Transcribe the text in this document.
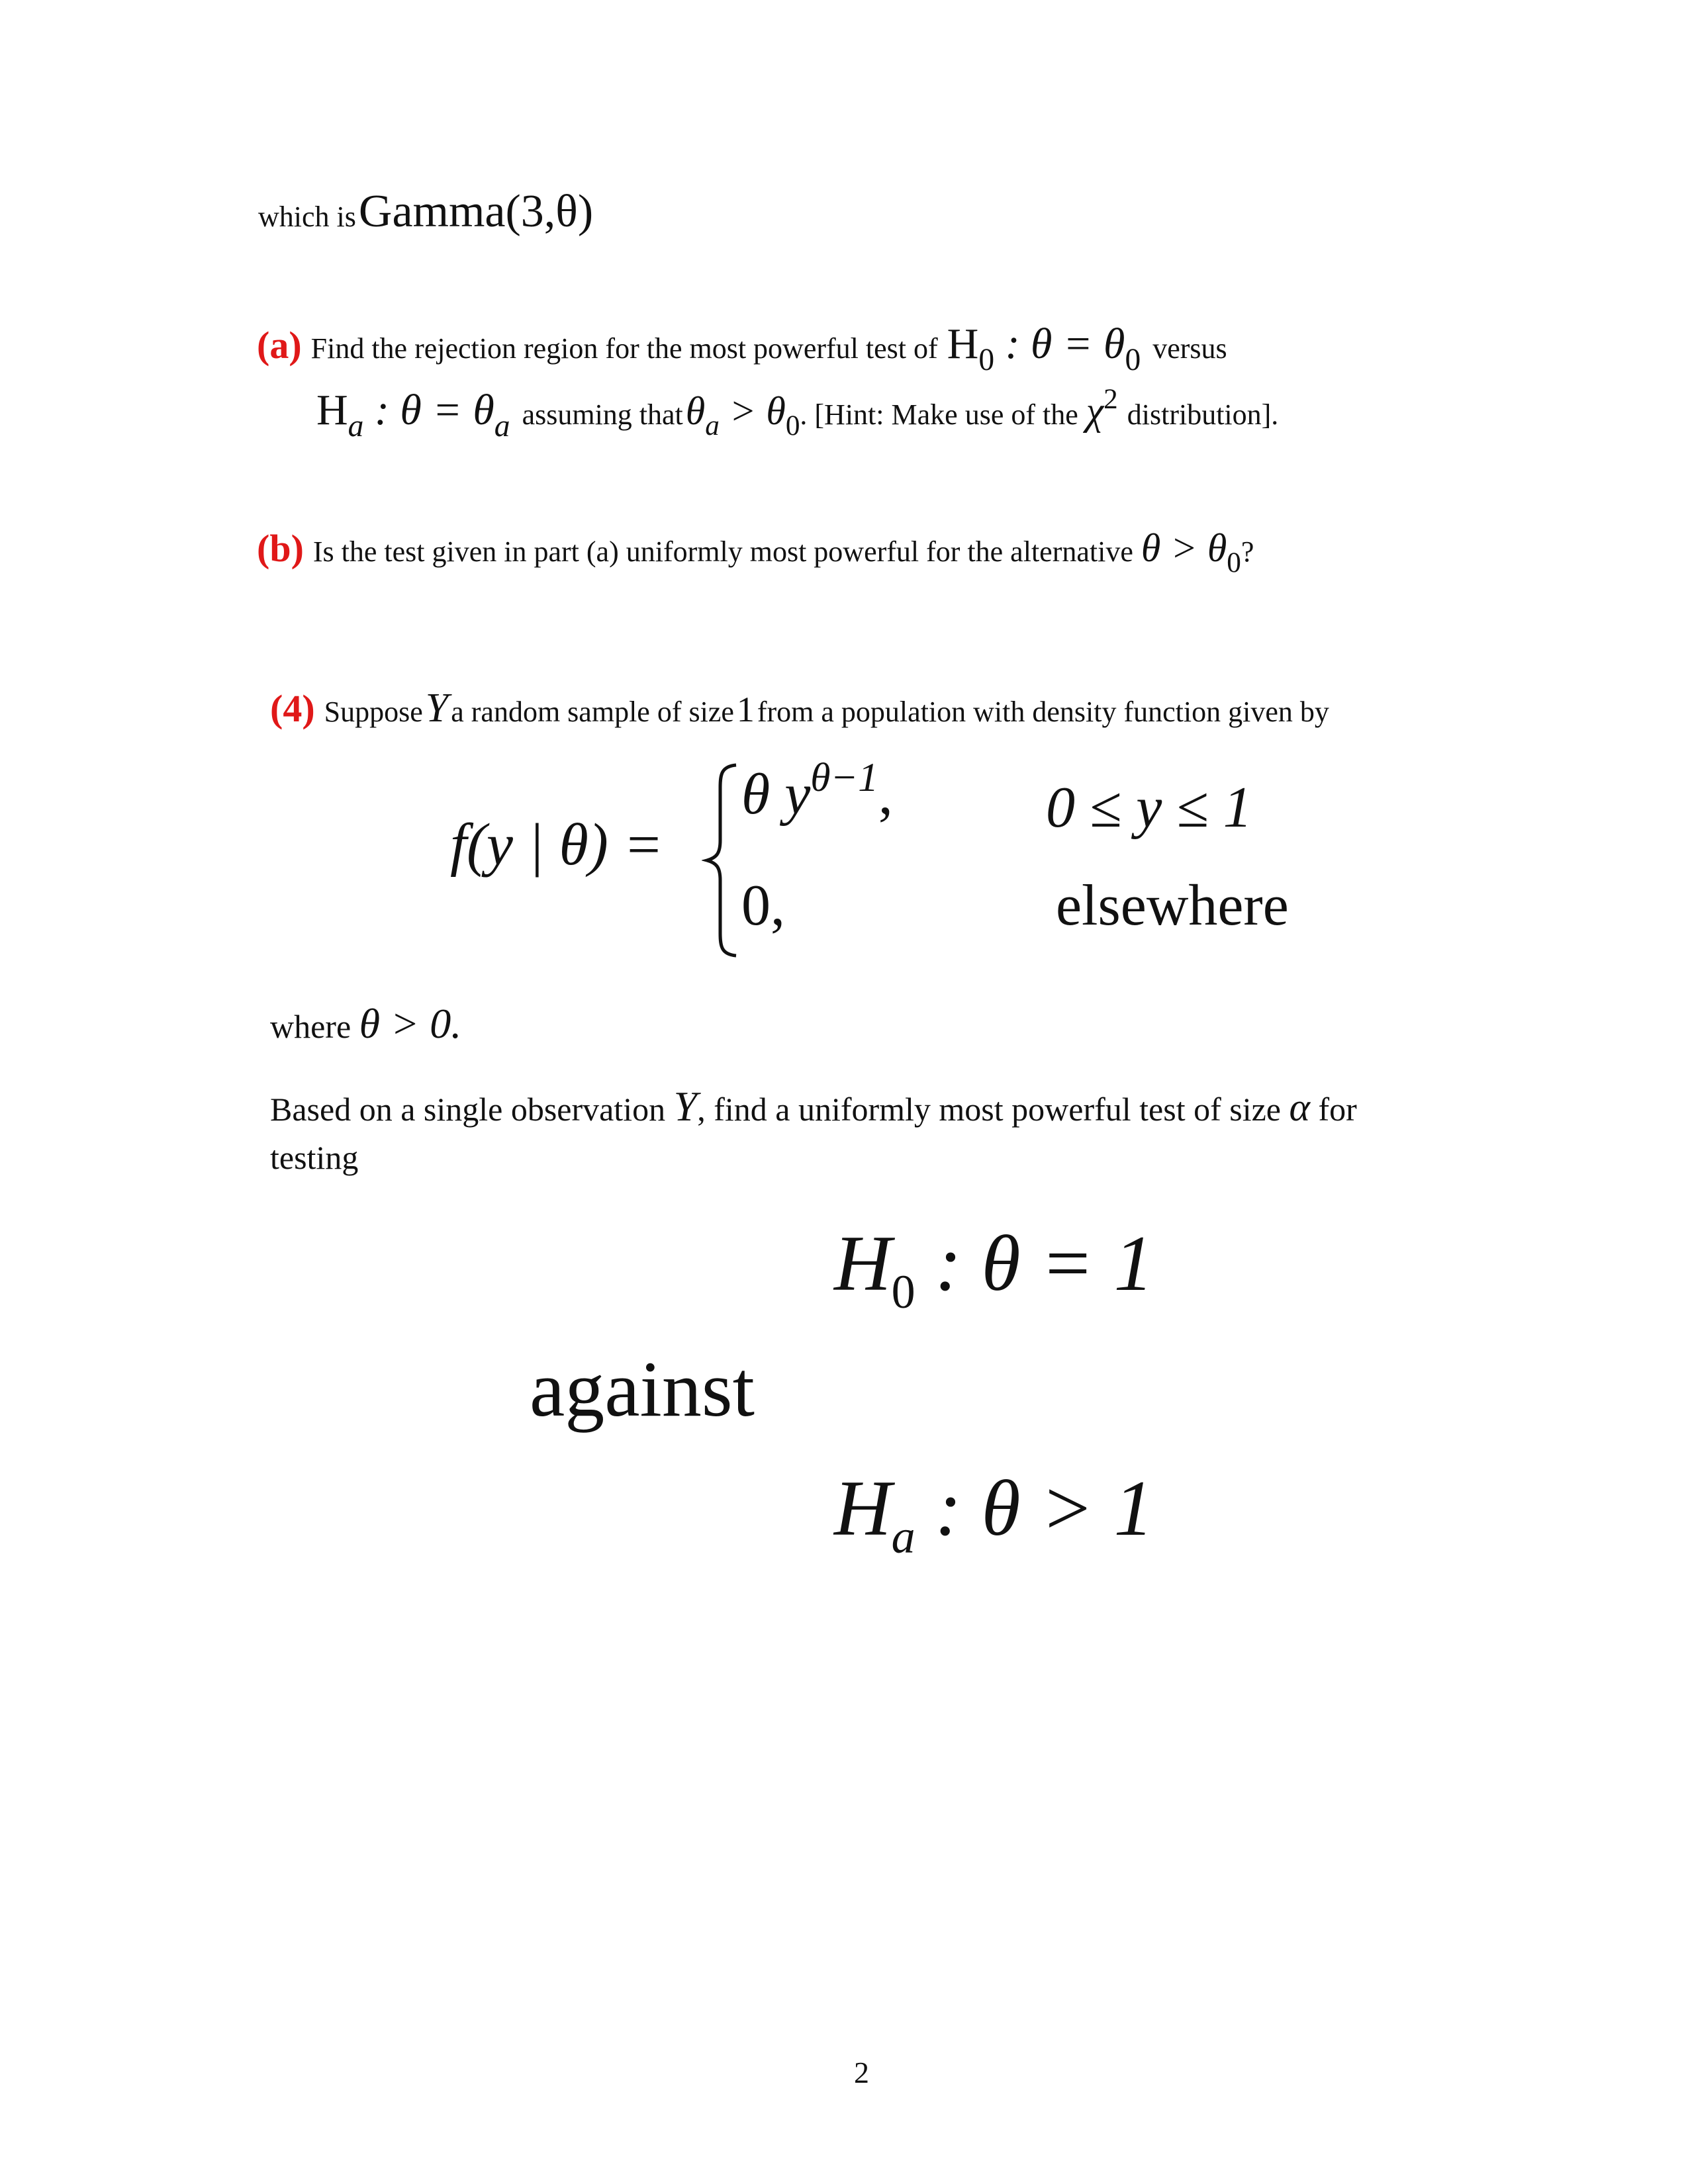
which is Gamma(3,θ)
(a) Find the rejection region for the most powerful test of $H_0$ : $\theta = \theta_0$ versus
$H_a$ : $\theta = \theta_a$ assuming that $\theta_a > \theta_0$. [Hint: Make use of the $\chi^2$ distribution].
(b) Is the test given in part (a) uniformly most powerful for the alternative $\theta > \theta_0$?
(4) Suppose Y a random sample of size 1 from a population with density function given by
f(y | θ) =
θ $y^{\theta-1}$,	0 ≤ y ≤ 1
0,	elsewhere
where θ > 0.
Based on a single observation Y, find a uniformly most powerful test of size α for
testing
$H_0$ : θ = 1
against
$H_a$ : θ > 1
2
